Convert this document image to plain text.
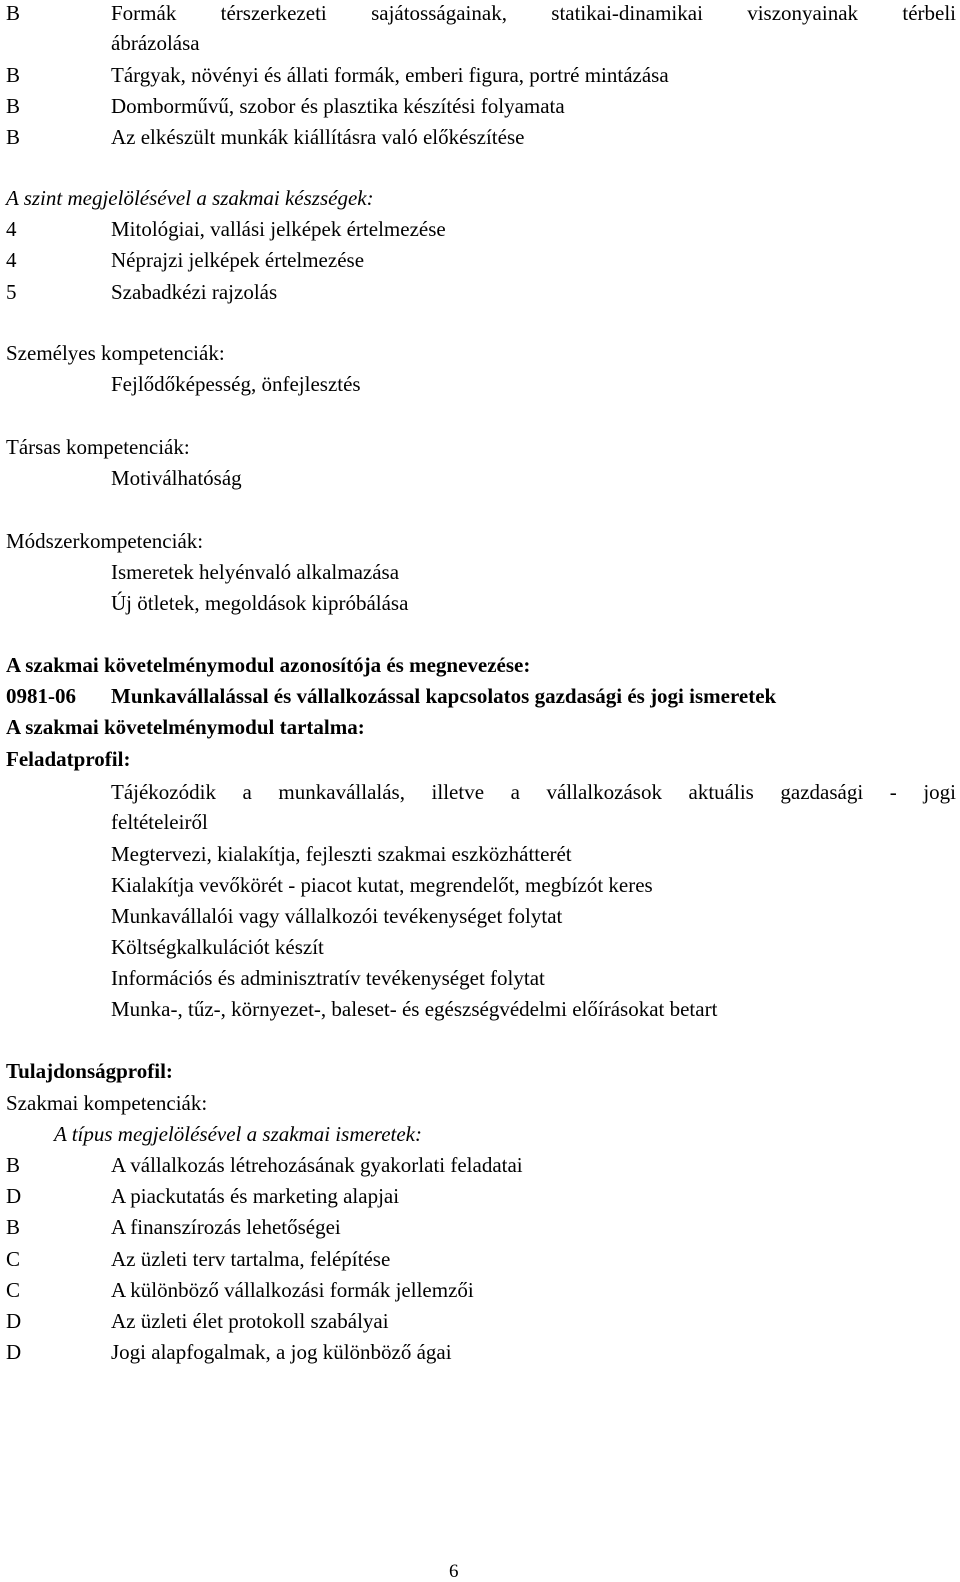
B	Formák térszerkezeti sajátosságainak, statikai-dinamikai viszonyainak térbeli
ábrázolása
B	Tárgyak, növényi és állati formák, emberi figura, portré mintázása
B	Domborművű, szobor és plasztika készítési folyamata
B	Az elkészült munkák kiállításra való előkészítése
A szint megjelölésével a szakmai készségek:
4	Mitológiai, vallási jelképek értelmezése
4	Néprajzi jelképek értelmezése
5	Szabadkézi rajzolás
Személyes kompetenciák:
Fejlődőképesség, önfejlesztés
Társas kompetenciák:
Motiválhatóság
Módszerkompetenciák:
Ismeretek helyénvaló alkalmazása
Új ötletek, megoldások kipróbálása
A szakmai követelménymodul azonosítója és megnevezése:
0981-06 Munkavállalással és vállalkozással kapcsolatos gazdasági és jogi ismeretek
A szakmai követelménymodul tartalma:
Feladatprofil:
Tájékozódik a munkavállalás, illetve a vállalkozások aktuális gazdasági - jogi
feltételeiről
Megtervezi, kialakítja, fejleszti szakmai eszközhátterét
Kialakítja vevőkörét - piacot kutat, megrendelőt, megbízót keres
Munkavállalói vagy vállalkozói tevékenységet folytat
Költségkalkulációt készít
Információs és adminisztratív tevékenységet folytat
Munka-, tűz-, környezet-, baleset- és egészségvédelmi előírásokat betart
Tulajdonságprofil:
Szakmai kompetenciák:
A típus megjelölésével a szakmai ismeretek:
B	A vállalkozás létrehozásának gyakorlati feladatai
D	A piackutatás és marketing alapjai
B	A finanszírozás lehetőségei
C	Az üzleti terv tartalma, felépítése
C	A különböző vállalkozási formák jellemzői
D	Az üzleti élet protokoll szabályai
D	Jogi alapfogalmak, a jog különböző ágai
6
